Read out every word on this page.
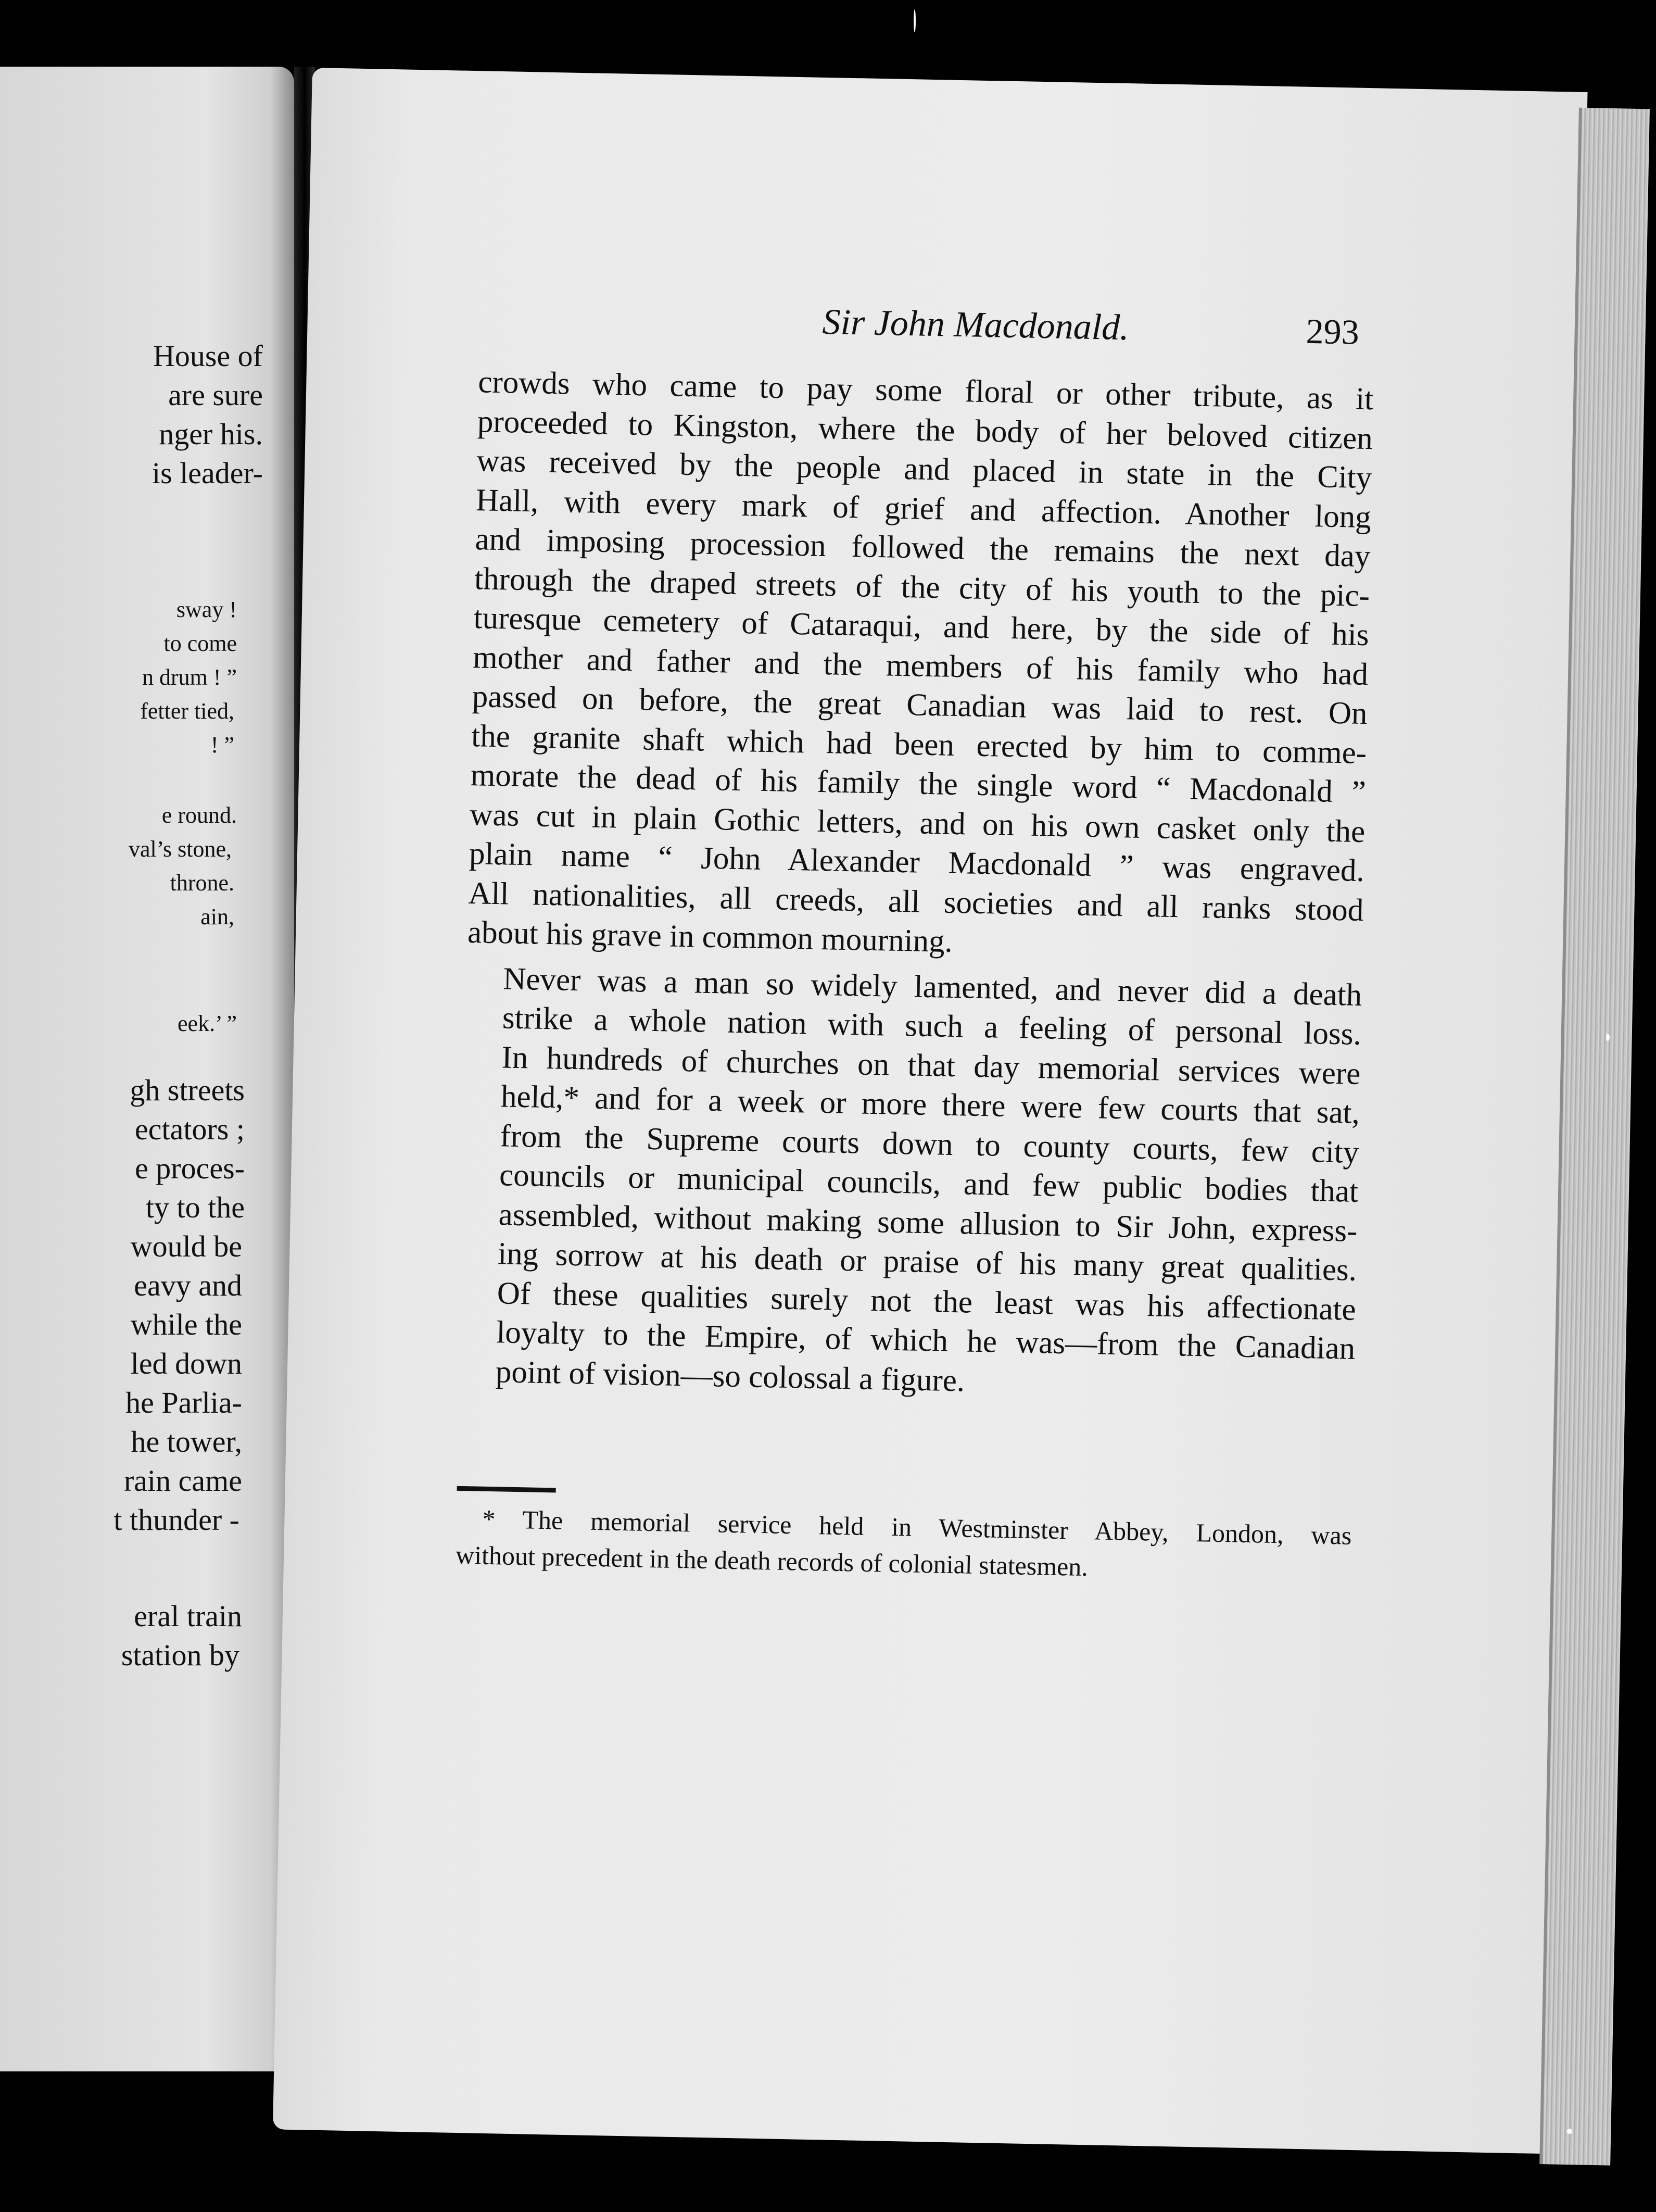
House of
are sure
nger his.
is leader-
sway !
to come
n drum ! ”
fetter tied,
! ”
e round.
val’s stone,
throne.
ain,
eek.’ ”
gh streets
ectators ;
e proces-
ty to the
would be
eavy and
while the
led down
he Parlia-
he tower,
rain came
t thunder -
eral train
station by
Sir John Macdonald.	293
crowds who came to pay some floral or other tribute, as it
proceeded to Kingston, where the body of her beloved citizen
was received by the people and placed in state in the City
Hall, with every mark of grief and affection. Another long
and imposing procession followed the remains the next day
through the draped streets of the city of his youth to the pic-
turesque cemetery of Cataraqui, and here, by the side of his
mother and father and the members of his family who had
passed on before, the great Canadian was laid to rest. On
the granite shaft which had been erected by him to comme-
morate the dead of his family the single word “ Macdonald ”
was cut in plain Gothic letters, and on his own casket only the
plain name “ John Alexander Macdonald ” was engraved.
All nationalities, all creeds, all societies and all ranks stood
about his grave in common mourning.
Never was a man so widely lamented, and never did a death
strike a whole nation with such a feeling of personal loss.
In hundreds of churches on that day memorial services were
held,* and for a week or more there were few courts that sat,
from the Supreme courts down to county courts, few city
councils or municipal councils, and few public bodies that
assembled, without making some allusion to Sir John, express-
ing sorrow at his death or praise of his many great qualities.
Of these qualities surely not the least was his affectionate
loyalty to the Empire, of which he was—from the Canadian
point of vision—so colossal a figure.
* The memorial service held in Westminster Abbey, London, was
without precedent in the death records of colonial statesmen.
